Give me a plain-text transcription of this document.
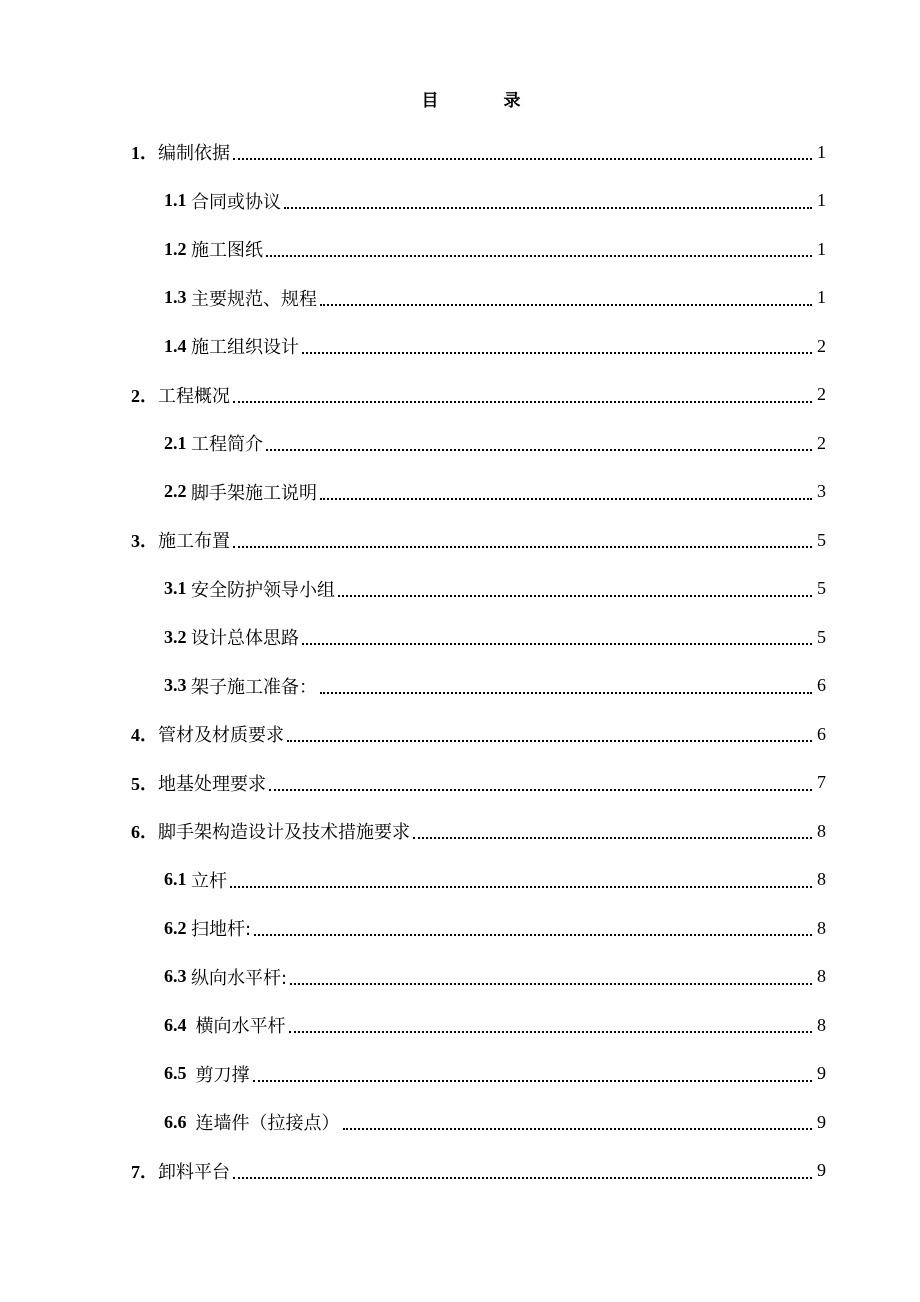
目　录
1． 编制依据	1
1.1 合同或协议	1
1.2 施工图纸	1
1.3 主要规范、规程	1
1.4 施工组织设计	2
2． 工程概况	2
2.1 工程简介	2
2.2 脚手架施工说明	3
3． 施工布置	5
3.1 安全防护领导小组	5
3.2 设计总体思路	5
3.3 架子施工准备：	6
4． 管材及材质要求	6
5． 地基处理要求	7
6． 脚手架构造设计及技术措施要求	8
6.1 立杆	8
6.2 扫地杆:	8
6.3 纵向水平杆:	8
6.4 横向水平杆	8
6.5 剪刀撑	9
6.6 连墙件（拉接点）	9
7． 卸料平台	9
